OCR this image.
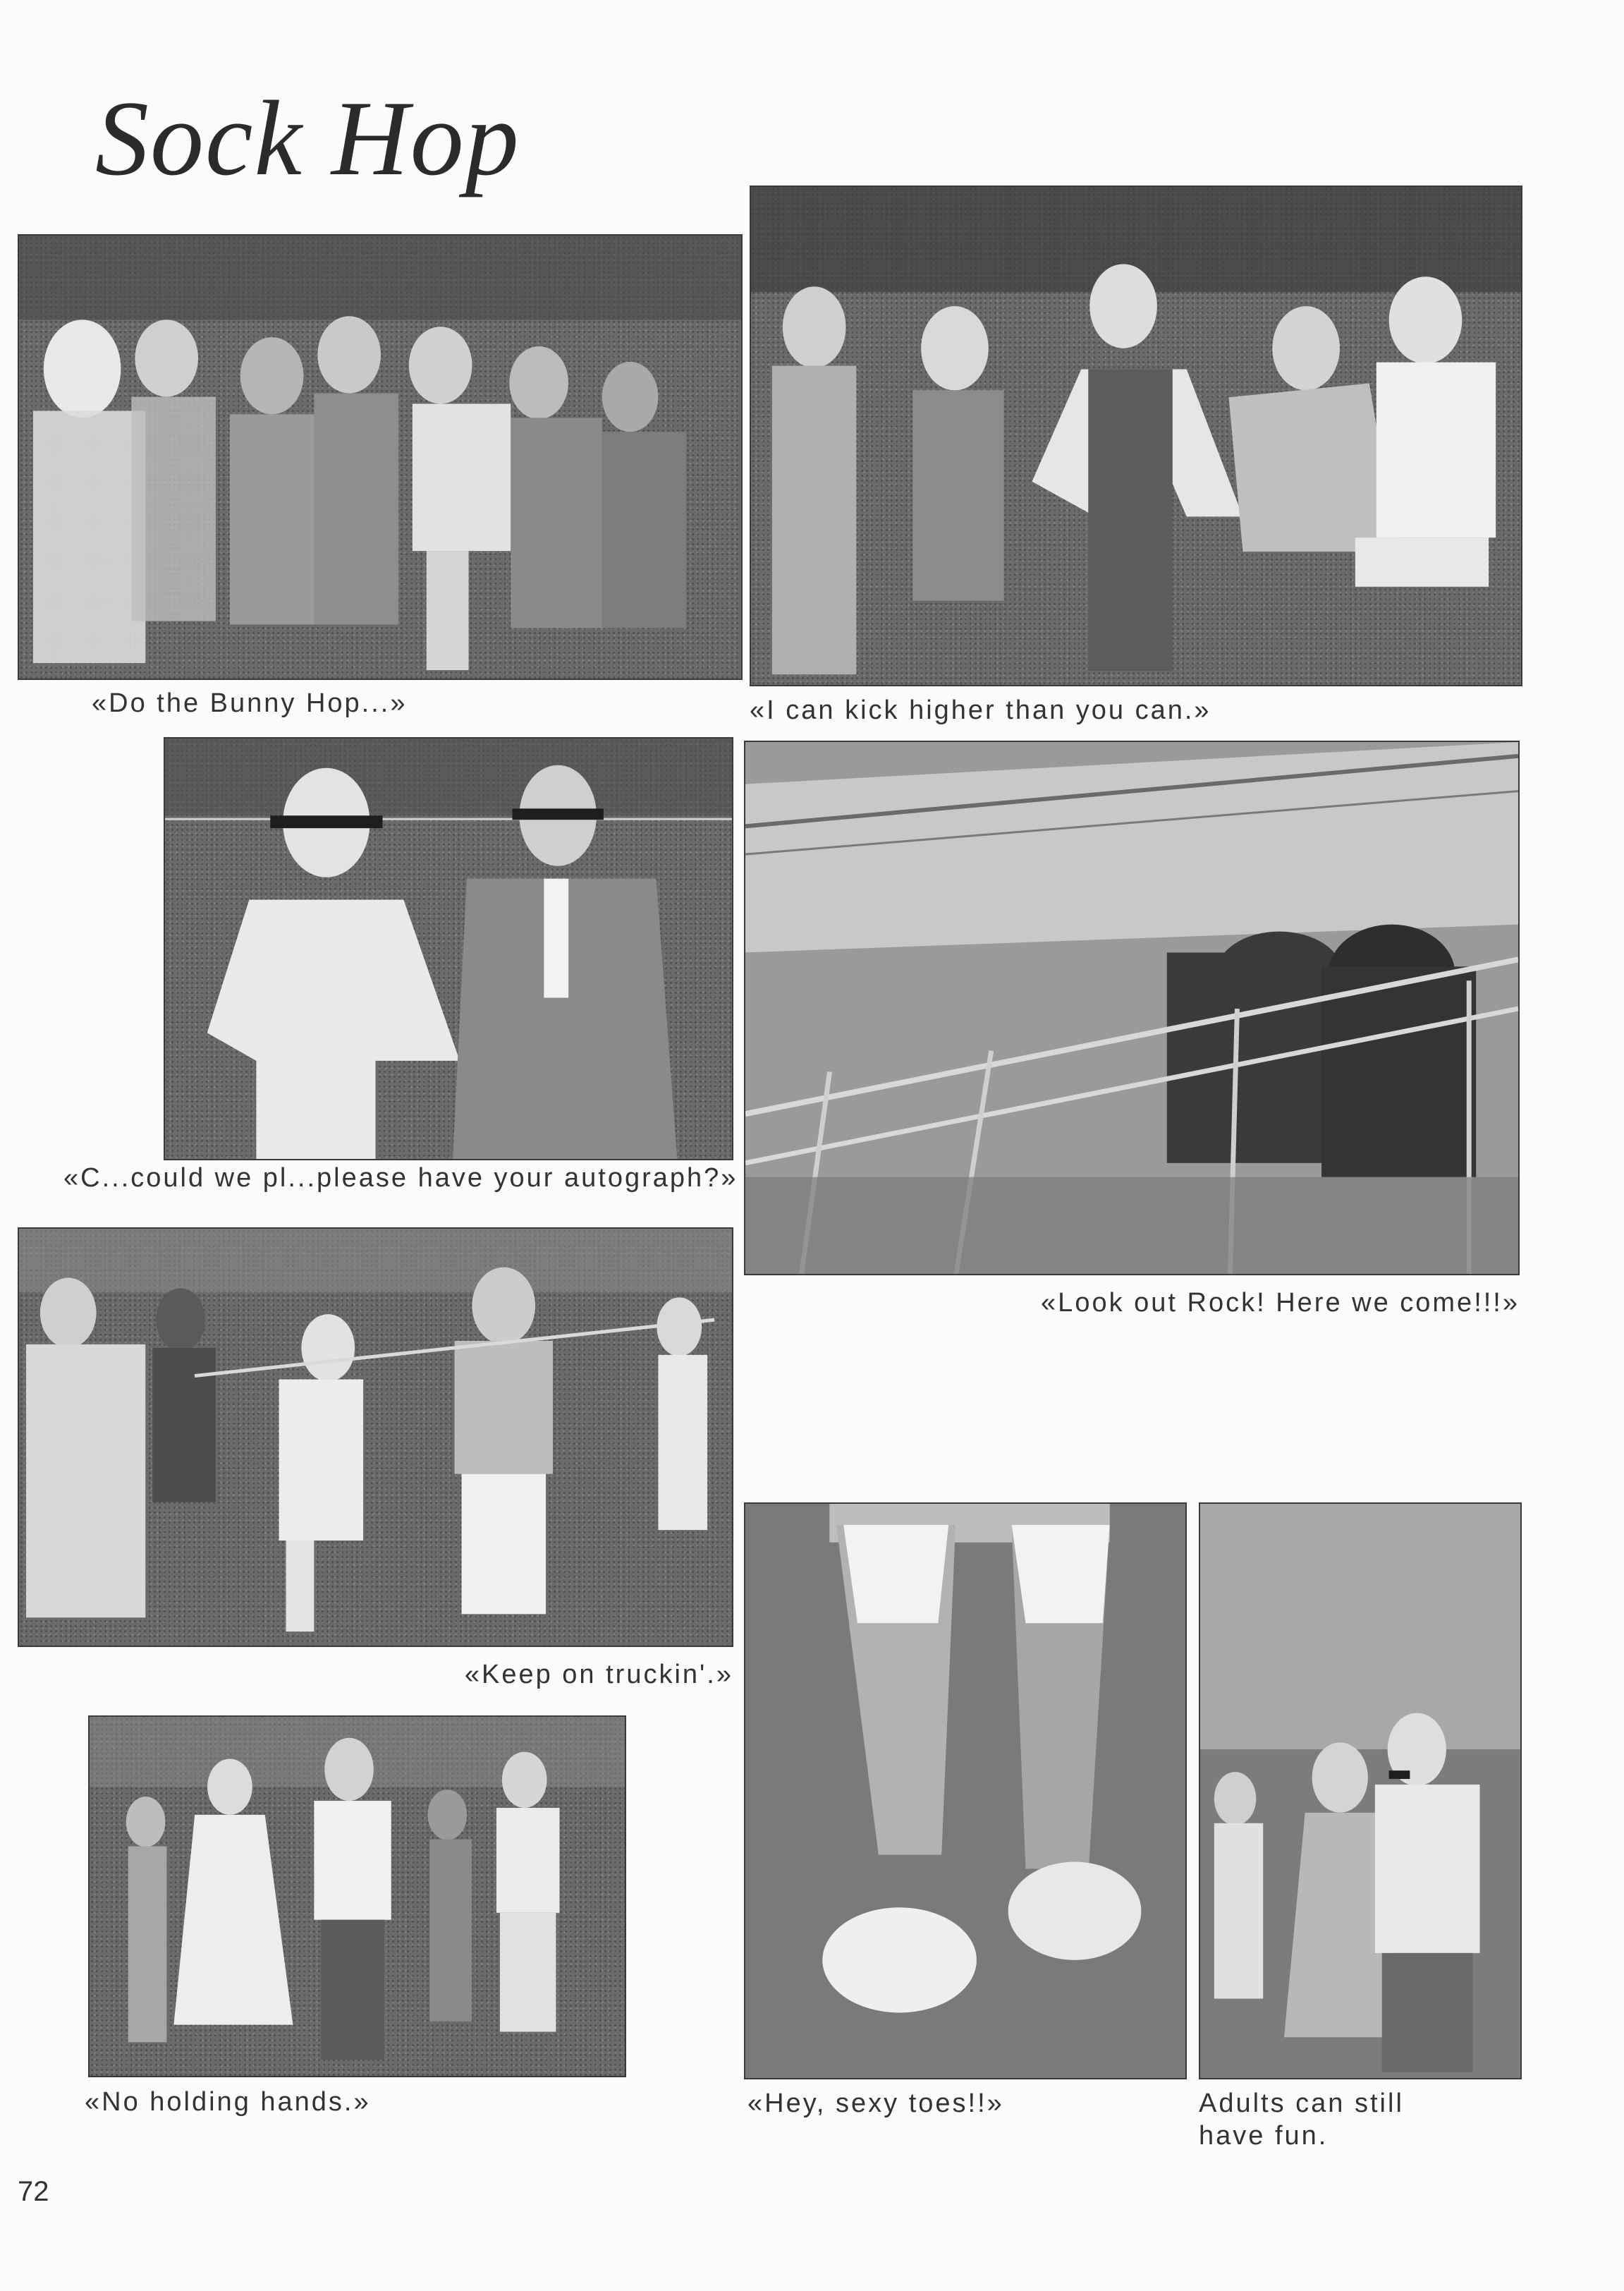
Sock Hop
«Do the Bunny Hop...»	«I can kick higher than you can.»
«C...could we pl...please have your autograph?»
«Look out Rock! Here we come!!!»
«Keep on truckin'.»
«No holding hands.»	«Hey, sexy toes!!»	Adults can still have fun.
72
